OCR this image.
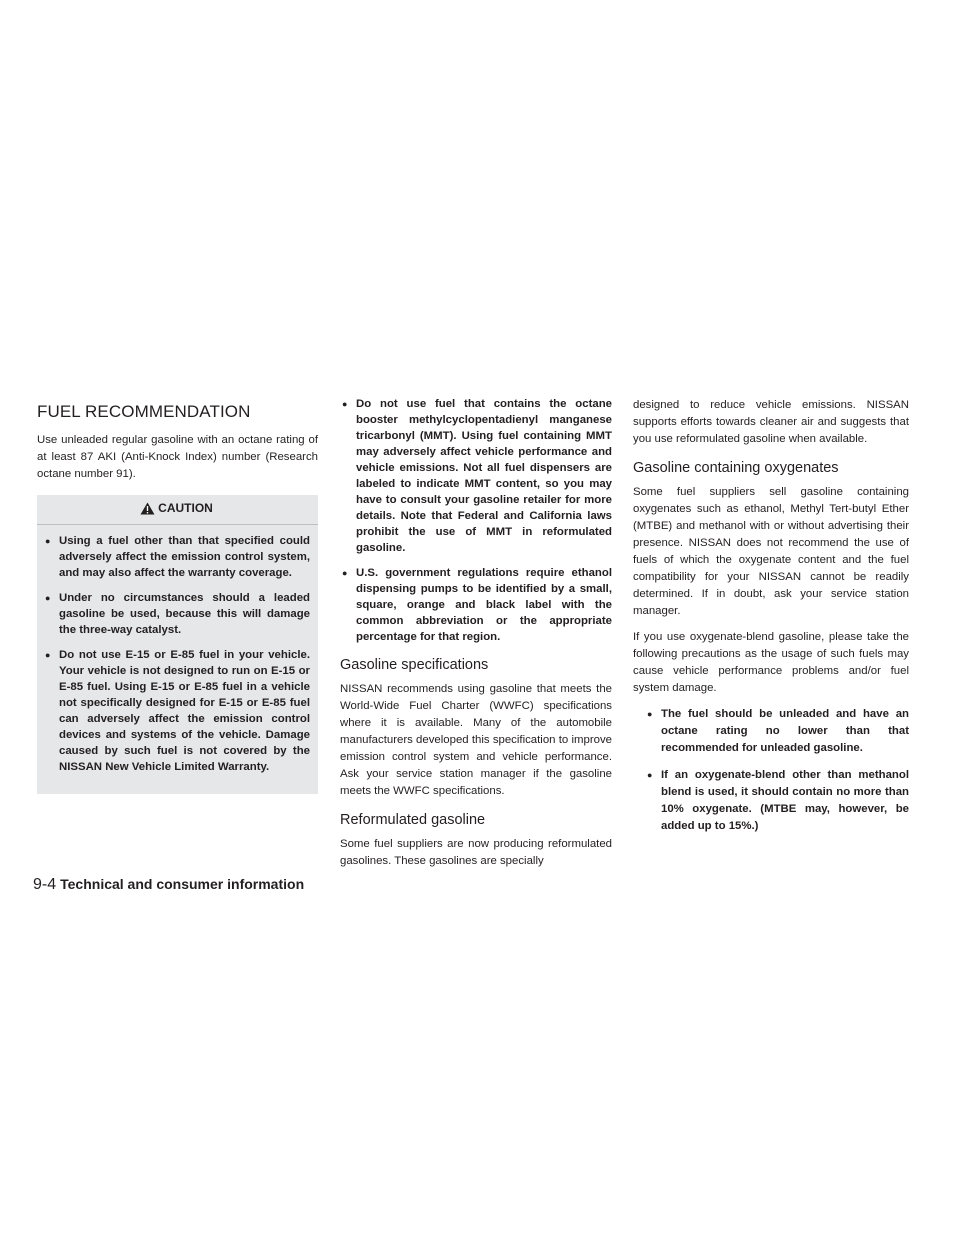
FUEL RECOMMENDATION

Use unleaded regular gasoline with an octane rating of at least 87 AKI (Anti-Knock Index) number (Research octane number 91).

CAUTION
● Using a fuel other than that specified could adversely affect the emission control system, and may also affect the warranty coverage.
● Under no circumstances should a leaded gasoline be used, because this will damage the three-way catalyst.
● Do not use E-15 or E-85 fuel in your vehicle. Your vehicle is not designed to run on E-15 or E-85 fuel. Using E-15 or E-85 fuel in a vehicle not specifically designed for E-15 or E-85 fuel can adversely affect the emission control devices and systems of the vehicle. Damage caused by such fuel is not covered by the NISSAN New Vehicle Limited Warranty.
● Do not use fuel that contains the octane booster methylcyclopentadienyl manganese tricarbonyl (MMT). Using fuel containing MMT may adversely affect vehicle performance and vehicle emissions. Not all fuel dispensers are labeled to indicate MMT content, so you may have to consult your gasoline retailer for more details. Note that Federal and California laws prohibit the use of MMT in reformulated gasoline.
● U.S. government regulations require ethanol dispensing pumps to be identified by a small, square, orange and black label with the common abbreviation or the appropriate percentage for that region.
Gasoline specifications

NISSAN recommends using gasoline that meets the World-Wide Fuel Charter (WWFC) specifications where it is available. Many of the automobile manufacturers developed this specification to improve emission control system and vehicle performance. Ask your service station manager if the gasoline meets the WWFC specifications.

Reformulated gasoline

Some fuel suppliers are now producing reformulated gasolines. These gasolines are specially

designed to reduce vehicle emissions. NISSAN supports efforts towards cleaner air and suggests that you use reformulated gasoline when available.

Gasoline containing oxygenates

Some fuel suppliers sell gasoline containing oxygenates such as ethanol, Methyl Tert-butyl Ether (MTBE) and methanol with or without advertising their presence. NISSAN does not recommend the use of fuels of which the oxygenate content and the fuel compatibility for your NISSAN cannot be readily determined. If in doubt, ask your service station manager.

If you use oxygenate-blend gasoline, please take the following precautions as the usage of such fuels may cause vehicle performance problems and/or fuel system damage.

● The fuel should be unleaded and have an octane rating no lower than that recommended for unleaded gasoline.
● If an oxygenate-blend other than methanol blend is used, it should contain no more than 10% oxygenate. (MTBE may, however, be added up to 15%.)
9-4 Technical and consumer information
